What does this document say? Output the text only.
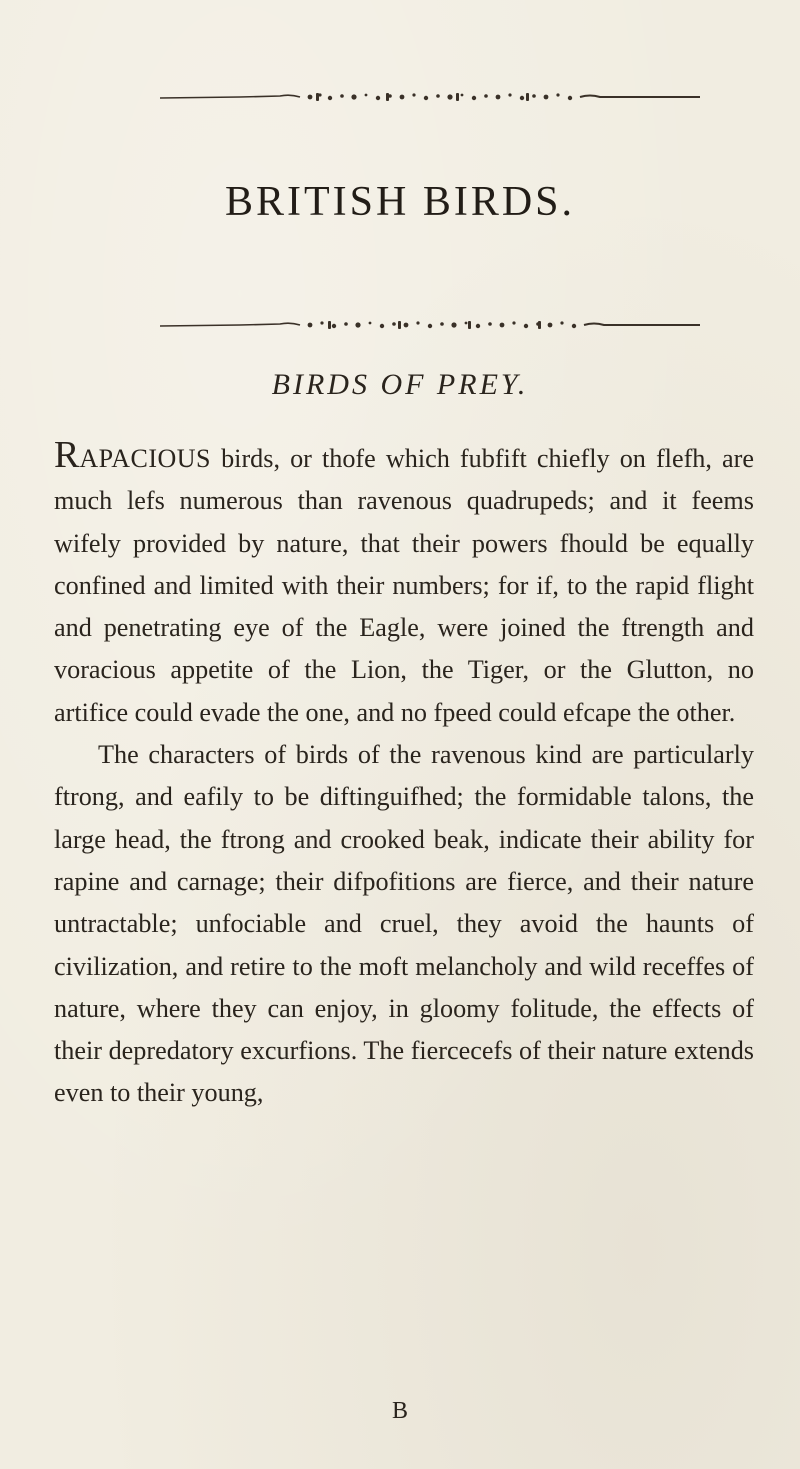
BRITISH BIRDS.
BIRDS OF PREY.

RAPACIOUS birds, or thofe which fubfift chiefly on flefh, are much lefs numerous than ravenous quadrupeds; and it feems wifely provided by nature, that their powers fhould be equally confined and limited with their numbers; for if, to the rapid flight and penetrating eye of the Eagle, were joined the ftrength and voracious appetite of the Lion, the Tiger, or the Glutton, no artifice could evade the one, and no fpeed could efcape the other.

The characters of birds of the ravenous kind are particularly ftrong, and eafily to be diftinguifhed; the formidable talons, the large head, the ftrong and crooked beak, indicate their ability for rapine and carnage; their difpofitions are fierce, and their nature untractable; unfociable and cruel, they avoid the haunts of civilization, and retire to the moft melancholy and wild receffes of nature, where they can enjoy, in gloomy folitude, the effects of their depredatory excurfions. The fiercecefs of their nature extends even to their young,

B
